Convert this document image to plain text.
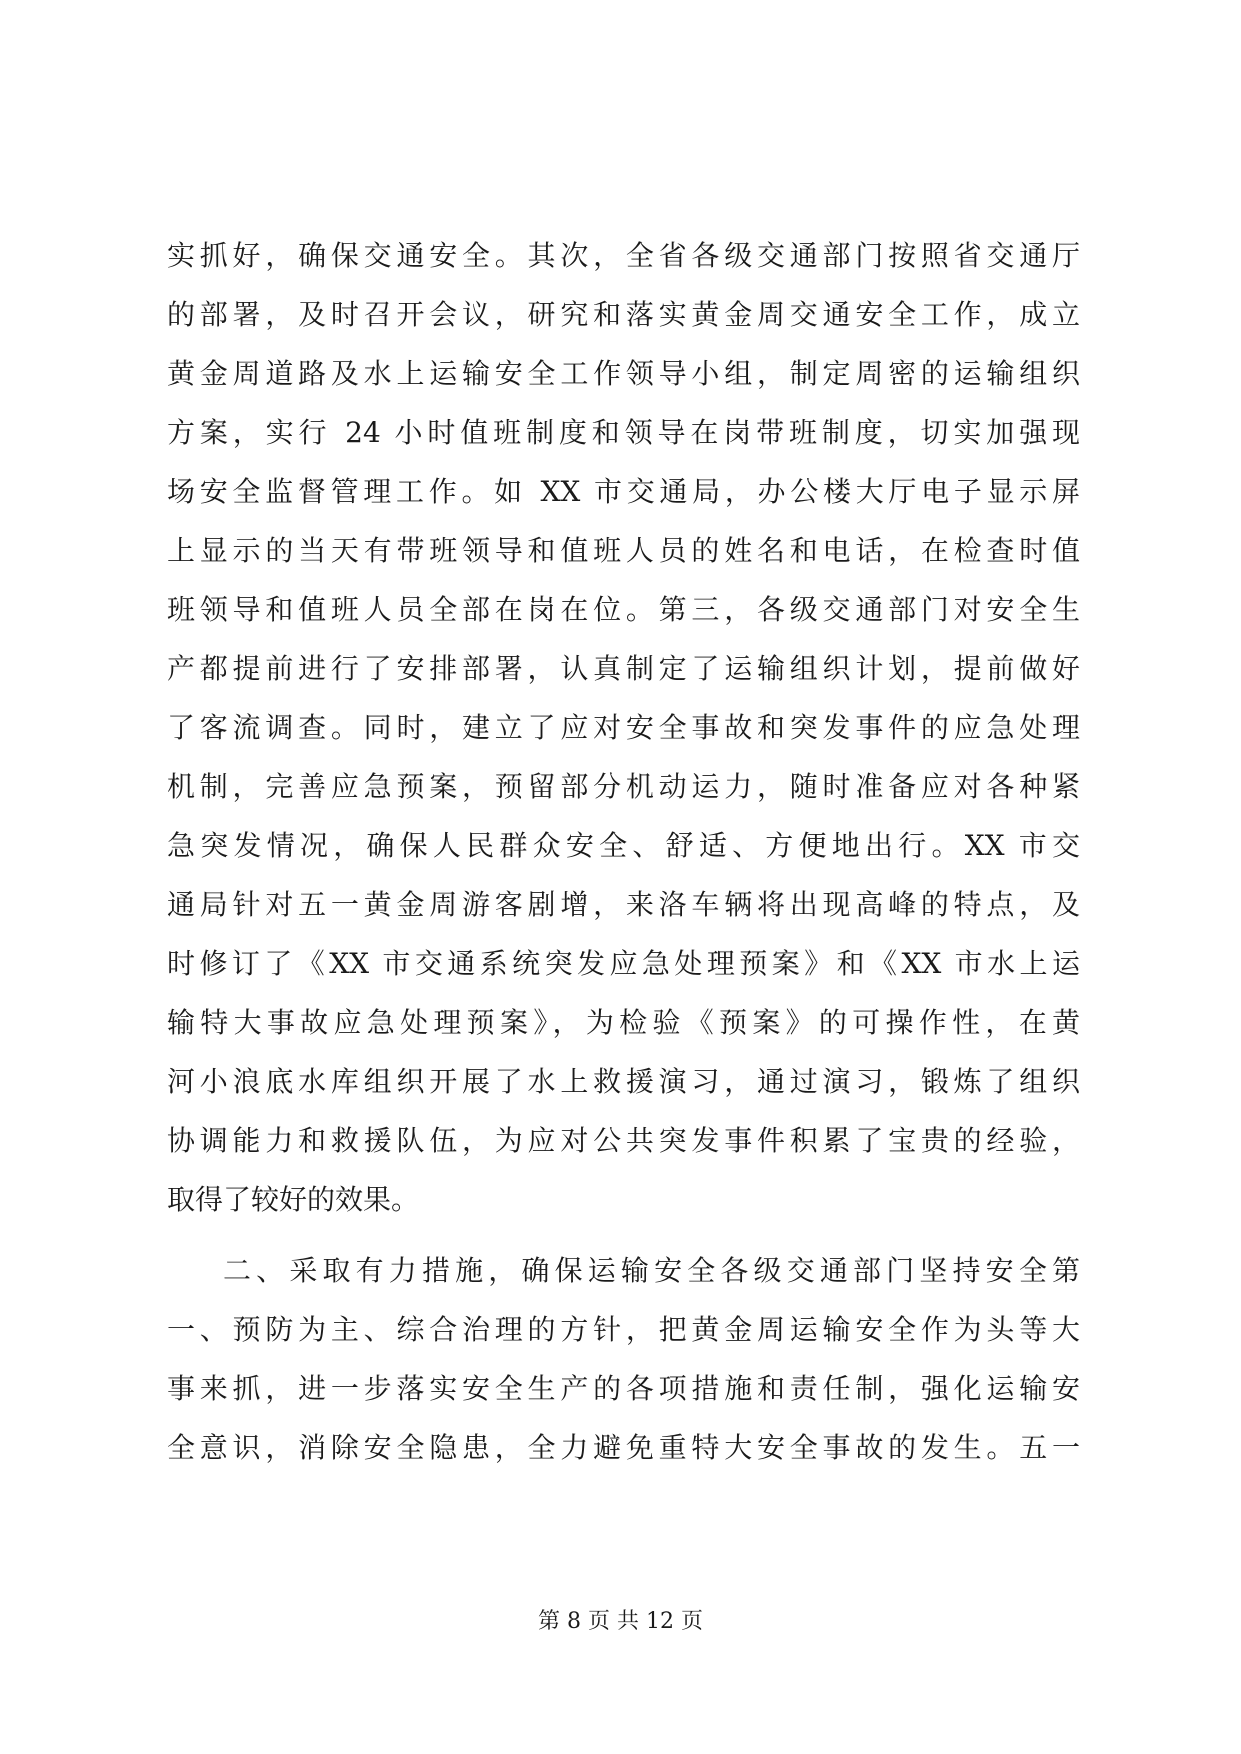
实抓好，确保交通安全。其次，全省各级交通部门按照省交通厅
的部署，及时召开会议，研究和落实黄金周交通安全工作，成立
黄金周道路及水上运输安全工作领导小组，制定周密的运输组织
方案，实行 24 小时值班制度和领导在岗带班制度，切实加强现
场安全监督管理工作。如 XX 市交通局，办公楼大厅电子显示屏
上显示的当天有带班领导和值班人员的姓名和电话，在检查时值
班领导和值班人员全部在岗在位。第三，各级交通部门对安全生
产都提前进行了安排部署，认真制定了运输组织计划，提前做好
了客流调查。同时，建立了应对安全事故和突发事件的应急处理
机制，完善应急预案，预留部分机动运力，随时准备应对各种紧
急突发情况，确保人民群众安全、舒适、方便地出行。XX 市交
通局针对五一黄金周游客剧增，来洛车辆将出现高峰的特点，及
时修订了《XX 市交通系统突发应急处理预案》和《XX 市水上运
输特大事故应急处理预案》，为检验《预案》的可操作性，在黄
河小浪底水库组织开展了水上救援演习，通过演习，锻炼了组织
协调能力和救援队伍，为应对公共突发事件积累了宝贵的经验，
取得了较好的效果。
二、采取有力措施，确保运输安全各级交通部门坚持安全第
一、预防为主、综合治理的方针，把黄金周运输安全作为头等大
事来抓，进一步落实安全生产的各项措施和责任制，强化运输安
全意识，消除安全隐患，全力避免重特大安全事故的发生。五一
第 8 页 共 12 页
